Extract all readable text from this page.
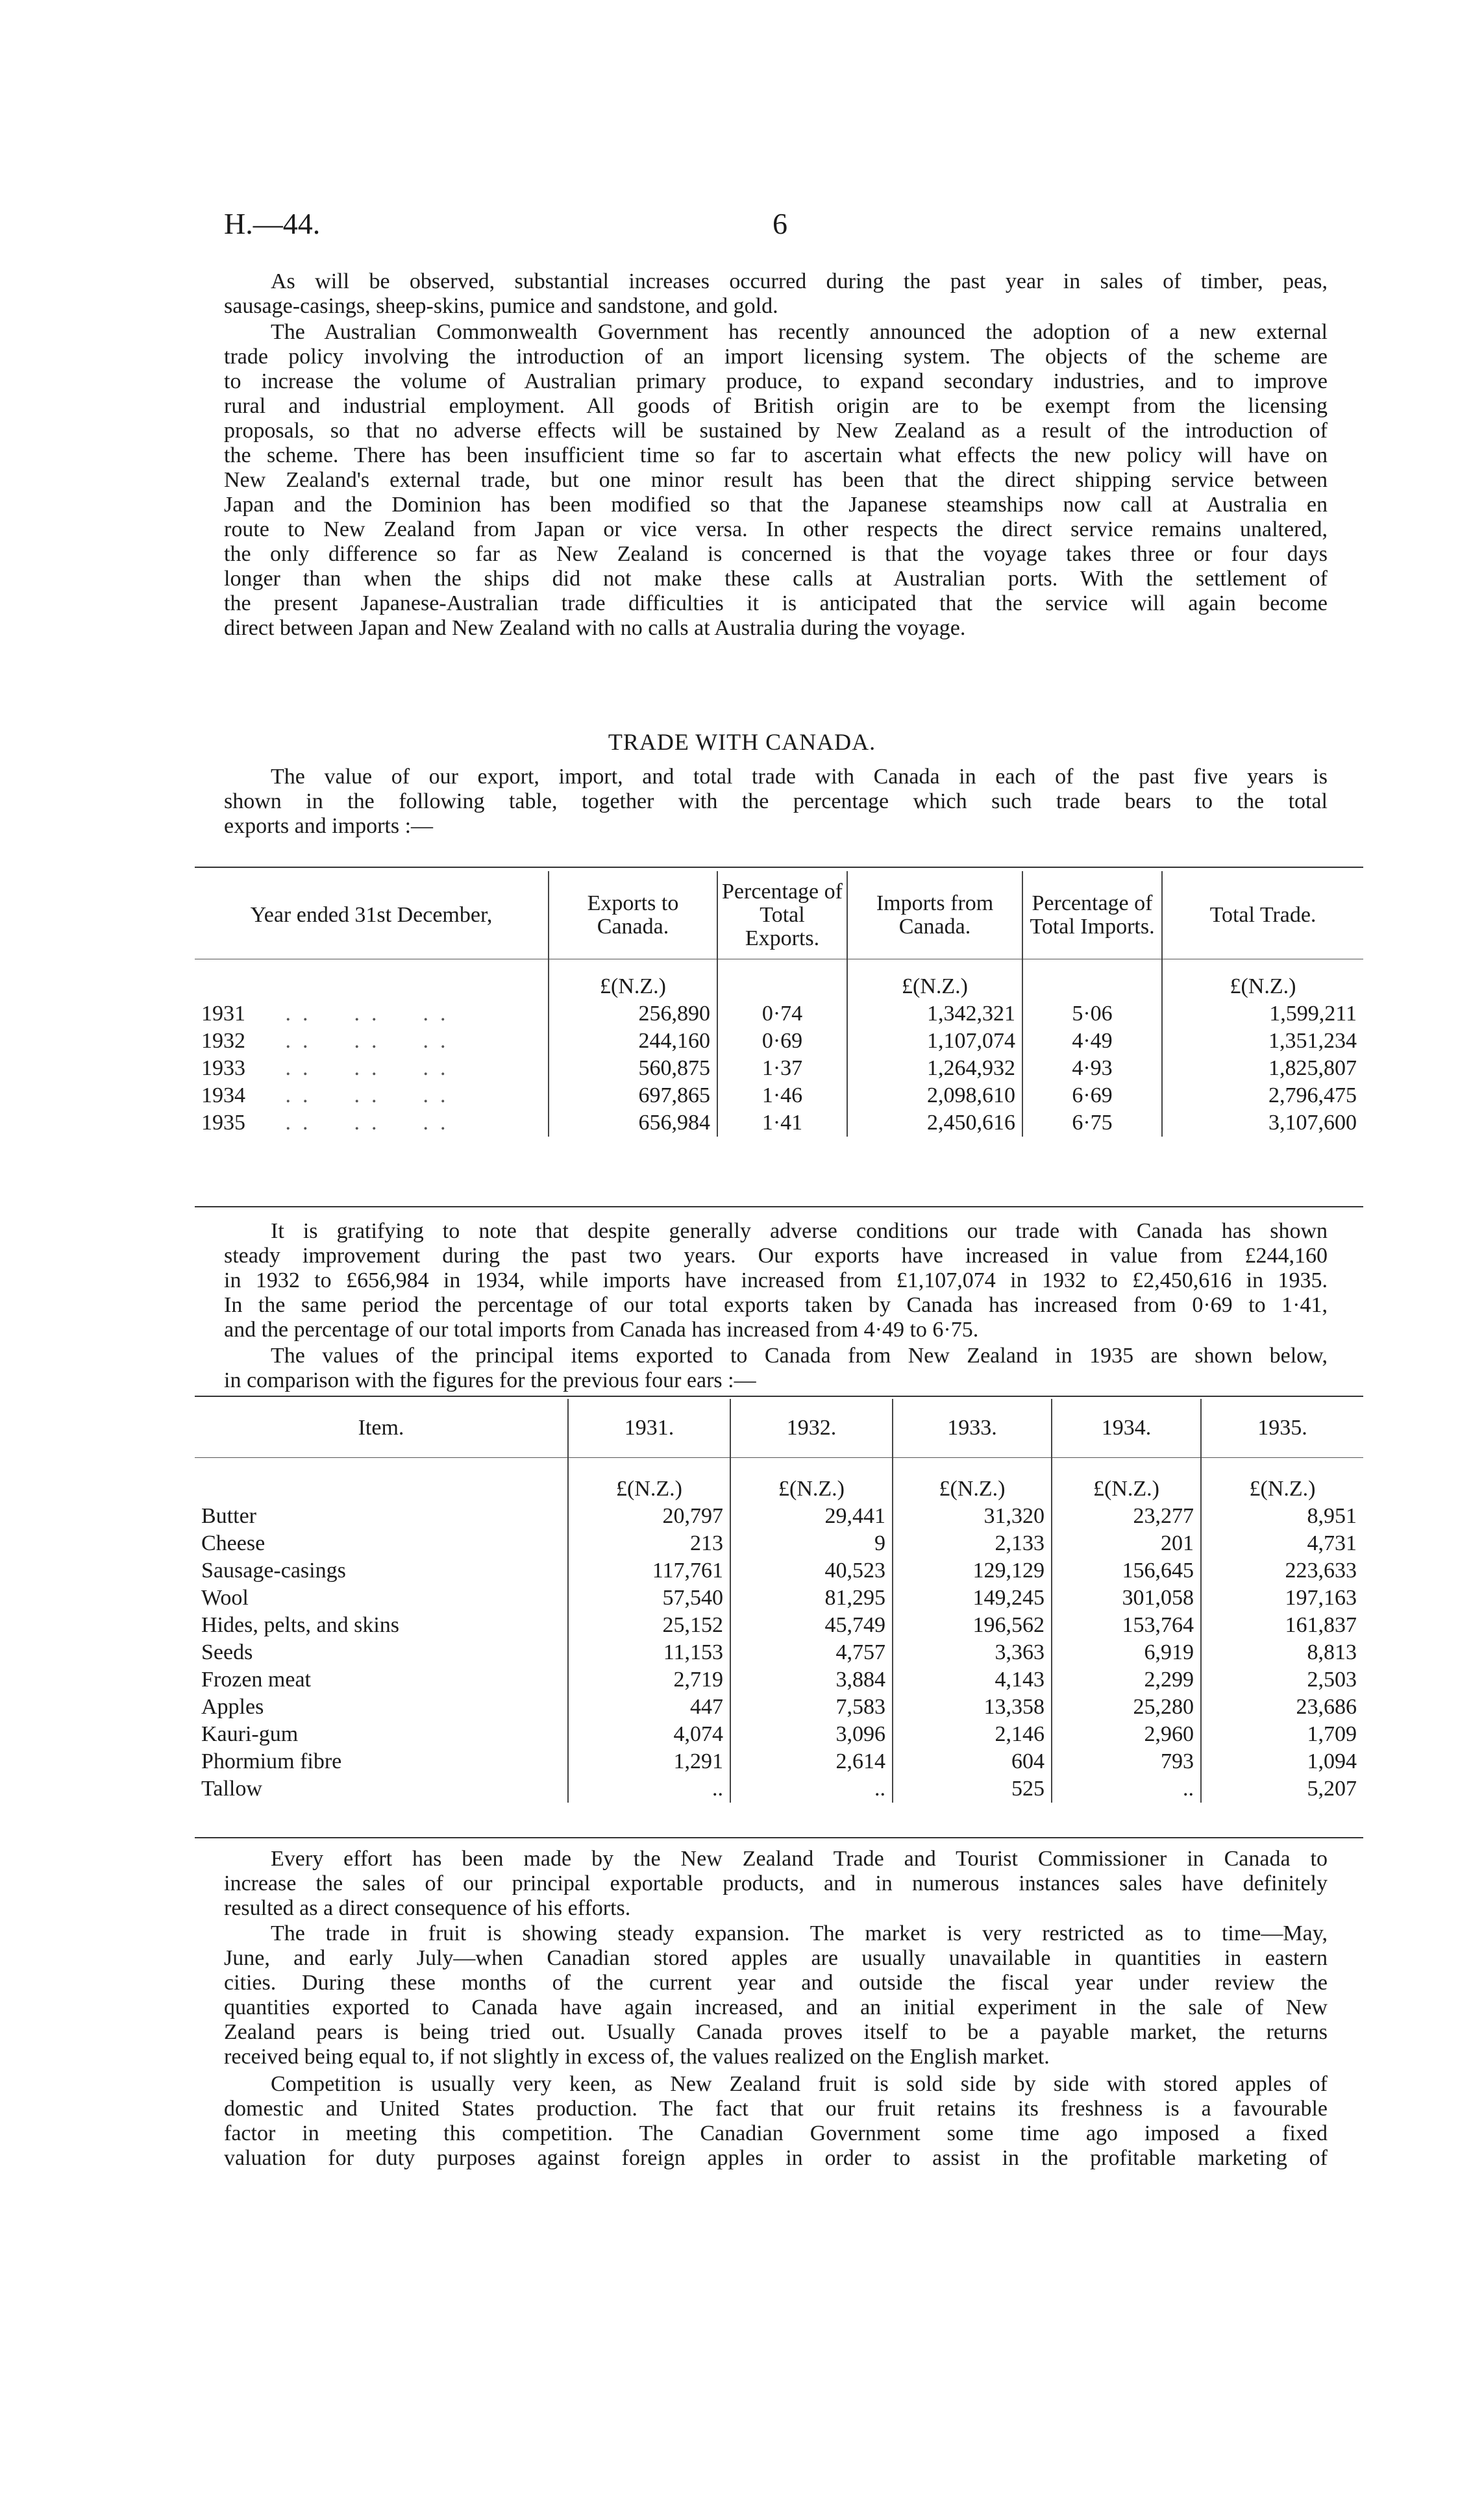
H.—44.	6
As will be observed, substantial increases occurred during the past year in sales of timber, peas,
sausage-casings, sheep-skins, pumice and sandstone, and gold.
The Australian Commonwealth Government has recently announced the adoption of a new external
trade policy involving the introduction of an import licensing system. The objects of the scheme are
to increase the volume of Australian primary produce, to expand secondary industries, and to improve
rural and industrial employment. All goods of British origin are to be exempt from the licensing
proposals, so that no adverse effects will be sustained by New Zealand as a result of the introduction of
the scheme. There has been insufficient time so far to ascertain what effects the new policy will have on
New Zealand's external trade, but one minor result has been that the direct shipping service between
Japan and the Dominion has been modified so that the Japanese steamships now call at Australia en
route to New Zealand from Japan or vice versa. In other respects the direct service remains unaltered,
the only difference so far as New Zealand is concerned is that the voyage takes three or four days
longer than when the ships did not make these calls at Australian ports. With the settlement of
the present Japanese-Australian trade difficulties it is anticipated that the service will again become
direct between Japan and New Zealand with no calls at Australia during the voyage.
TRADE WITH CANADA.
The value of our export, import, and total trade with Canada in each of the past five years is
shown in the following table, together with the percentage which such trade bears to the total
exports and imports :—
Year ended 31st December,	Exports to Canada.	Percentage of Total Exports.	Imports from Canada.	Percentage of Total Imports.	Total Trade.
	£(N.Z.)		£(N.Z.)		£(N.Z.)
1931   ..  ..  ..	256,890	0·74	1,342,321	5·06	1,599,211
1932   ..  ..  ..	244,160	0·69	1,107,074	4·49	1,351,234
1933   ..  ..  ..	560,875	1·37	1,264,932	4·93	1,825,807
1934   ..  ..  ..	697,865	1·46	2,098,610	6·69	2,796,475
1935   ..  ..  ..	656,984	1·41	2,450,616	6·75	3,107,600
It is gratifying to note that despite generally adverse conditions our trade with Canada has shown
steady improvement during the past two years. Our exports have increased in value from £244,160
in 1932 to £656,984 in 1934, while imports have increased from £1,107,074 in 1932 to £2,450,616 in 1935.
In the same period the percentage of our total exports taken by Canada has increased from 0·69 to 1·41,
and the percentage of our total imports from Canada has increased from 4·49 to 6·75.
The values of the principal items exported to Canada from New Zealand in 1935 are shown below,
in comparison with the figures for the previous four ears :—
Item.	1931.	1932.	1933.	1934.	1935.
	£(N.Z.)	£(N.Z.)	£(N.Z.)	£(N.Z.)	£(N.Z.)
Butter	20,797	29,441	31,320	23,277	8,951
Cheese	213	9	2,133	201	4,731
Sausage-casings	117,761	40,523	129,129	156,645	223,633
Wool	57,540	81,295	149,245	301,058	197,163
Hides, pelts, and skins	25,152	45,749	196,562	153,764	161,837
Seeds	11,153	4,757	3,363	6,919	8,813
Frozen meat	2,719	3,884	4,143	2,299	2,503
Apples	447	7,583	13,358	25,280	23,686
Kauri-gum	4,074	3,096	2,146	2,960	1,709
Phormium fibre	1,291	2,614	604	793	1,094
Tallow	..	..	525	..	5,207
Every effort has been made by the New Zealand Trade and Tourist Commissioner in Canada to
increase the sales of our principal exportable products, and in numerous instances sales have definitely
resulted as a direct consequence of his efforts.
The trade in fruit is showing steady expansion. The market is very restricted as to time—May,
June, and early July—when Canadian stored apples are usually unavailable in quantities in eastern
cities. During these months of the current year and outside the fiscal year under review the
quantities exported to Canada have again increased, and an initial experiment in the sale of New
Zealand pears is being tried out. Usually Canada proves itself to be a payable market, the returns
received being equal to, if not slightly in excess of, the values realized on the English market.
Competition is usually very keen, as New Zealand fruit is sold side by side with stored apples of
domestic and United States production. The fact that our fruit retains its freshness is a favourable
factor in meeting this competition. The Canadian Government some time ago imposed a fixed
valuation for duty purposes against foreign apples in order to assist in the profitable marketing of
